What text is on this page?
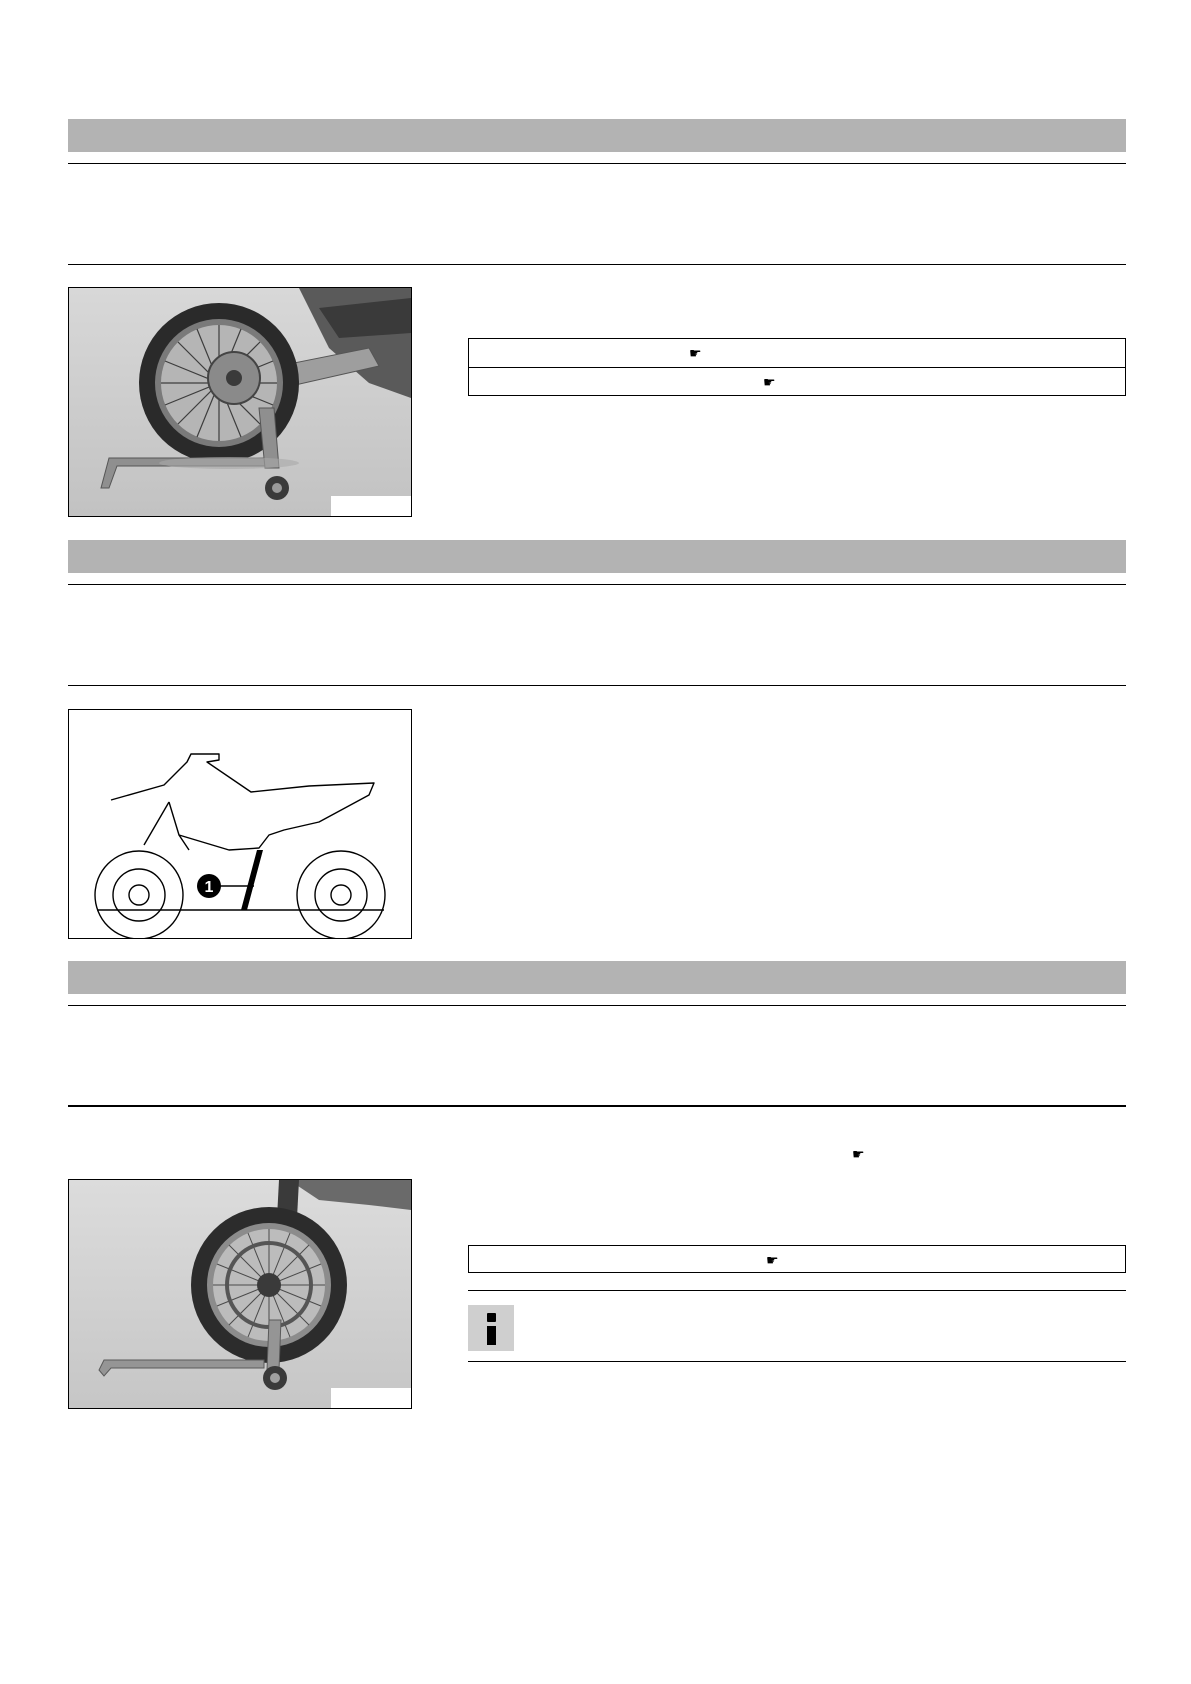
☛
☛
1
☛
☛
